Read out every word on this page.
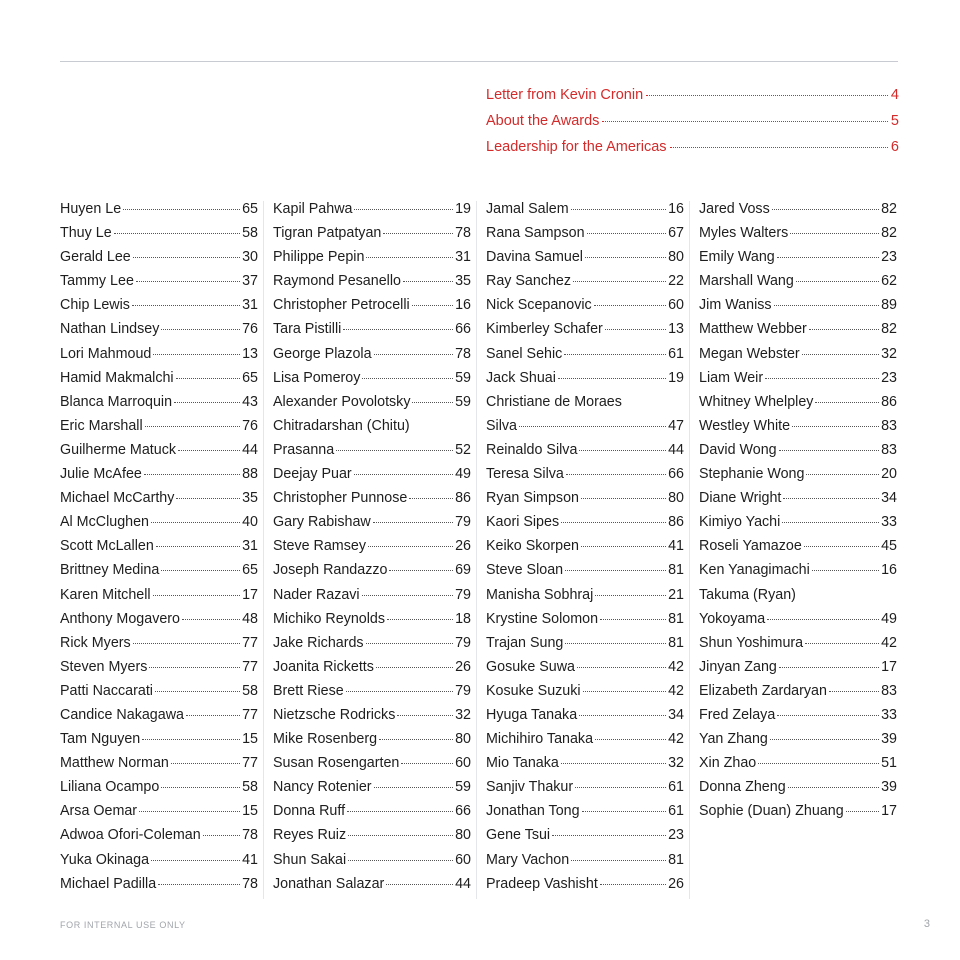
Letter from Kevin Cronin	4
About the Awards	5
Leadership for the Americas	6
Huyen Le	65
Thuy Le	58
Gerald Lee	30
Tammy Lee	37
Chip Lewis	31
Nathan Lindsey	76
Lori Mahmoud	13
Hamid Makmalchi	65
Blanca Marroquin	43
Eric Marshall	76
Guilherme Matuck	44
Julie McAfee	88
Michael McCarthy	35
Al McClughen	40
Scott McLallen	31
Brittney Medina	65
Karen Mitchell	17
Anthony Mogavero	48
Rick Myers	77
Steven Myers	77
Patti Naccarati	58
Candice Nakagawa	77
Tam Nguyen	15
Matthew Norman	77
Liliana Ocampo	58
Arsa Oemar	15
Adwoa Ofori-Coleman	78
Yuka Okinaga	41
Michael Padilla	78
Kapil Pahwa	19
Tigran Patpatyan	78
Philippe Pepin	31
Raymond Pesanello	35
Christopher Petrocelli	16
Tara Pistilli	66
George Plazola	78
Lisa Pomeroy	59
Alexander Povolotsky	59
Chitradarshan (Chitu)
Prasanna	52
Deejay Puar	49
Christopher Punnose	86
Gary Rabishaw	79
Steve Ramsey	26
Joseph Randazzo	69
Nader Razavi	79
Michiko Reynolds	18
Jake Richards	79
Joanita Ricketts	26
Brett Riese	79
Nietzsche Rodricks	32
Mike Rosenberg	80
Susan Rosengarten	60
Nancy Rotenier	59
Donna Ruff	66
Reyes Ruiz	80
Shun Sakai	60
Jonathan Salazar	44
Jamal Salem	16
Rana Sampson	67
Davina Samuel	80
Ray Sanchez	22
Nick Scepanovic	60
Kimberley Schafer	13
Sanel Sehic	61
Jack Shuai	19
Christiane de Moraes
Silva	47
Reinaldo Silva	44
Teresa Silva	66
Ryan Simpson	80
Kaori Sipes	86
Keiko Skorpen	41
Steve Sloan	81
Manisha Sobhraj	21
Krystine Solomon	81
Trajan Sung	81
Gosuke Suwa	42
Kosuke Suzuki	42
Hyuga Tanaka	34
Michihiro Tanaka	42
Mio Tanaka	32
Sanjiv Thakur	61
Jonathan Tong	61
Gene Tsui	23
Mary Vachon	81
Pradeep Vashisht	26
Jared Voss	82
Myles Walters	82
Emily Wang	23
Marshall Wang	62
Jim Waniss	89
Matthew Webber	82
Megan Webster	32
Liam Weir	23
Whitney Whelpley	86
Westley White	83
David Wong	83
Stephanie Wong	20
Diane Wright	34
Kimiyo Yachi	33
Roseli Yamazoe	45
Ken Yanagimachi	16
Takuma (Ryan)
Yokoyama	49
Shun Yoshimura	42
Jinyan Zang	17
Elizabeth Zardaryan	83
Fred Zelaya	33
Yan Zhang	39
Xin Zhao	51
Donna Zheng	39
Sophie (Duan) Zhuang	17
FOR INTERNAL USE ONLY	3
